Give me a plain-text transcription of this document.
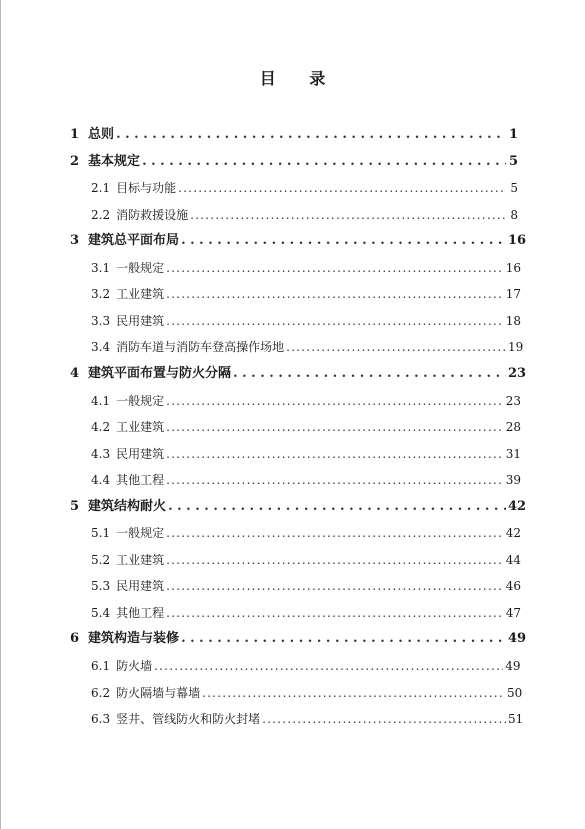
目 录
1 总则 . . .	1
2 基本规定 . . .	5
2.1 目标与功能 . . .	5
2.2 消防救援设施 . . .	8
3 建筑总平面布局 . . .	16
3.1 一般规定 . . .	16
3.2 工业建筑 . . .	17
3.3 民用建筑 . . .	18
3.4 消防车道与消防车登高操作场地 . . .	19
4 建筑平面布置与防火分隔 . . .	23
4.1 一般规定 . . .	23
4.2 工业建筑 . . .	28
4.3 民用建筑 . . .	31
4.4 其他工程 . . .	39
5 建筑结构耐火 . . .	42
5.1 一般规定 . . .	42
5.2 工业建筑 . . .	44
5.3 民用建筑 . . .	46
5.4 其他工程 . . .	47
6 建筑构造与装修 . . .	49
6.1 防火墙 . . .	49
6.2 防火隔墙与幕墙 . . .	50
6.3 竖井、管线防火和防火封堵 . . .	51
